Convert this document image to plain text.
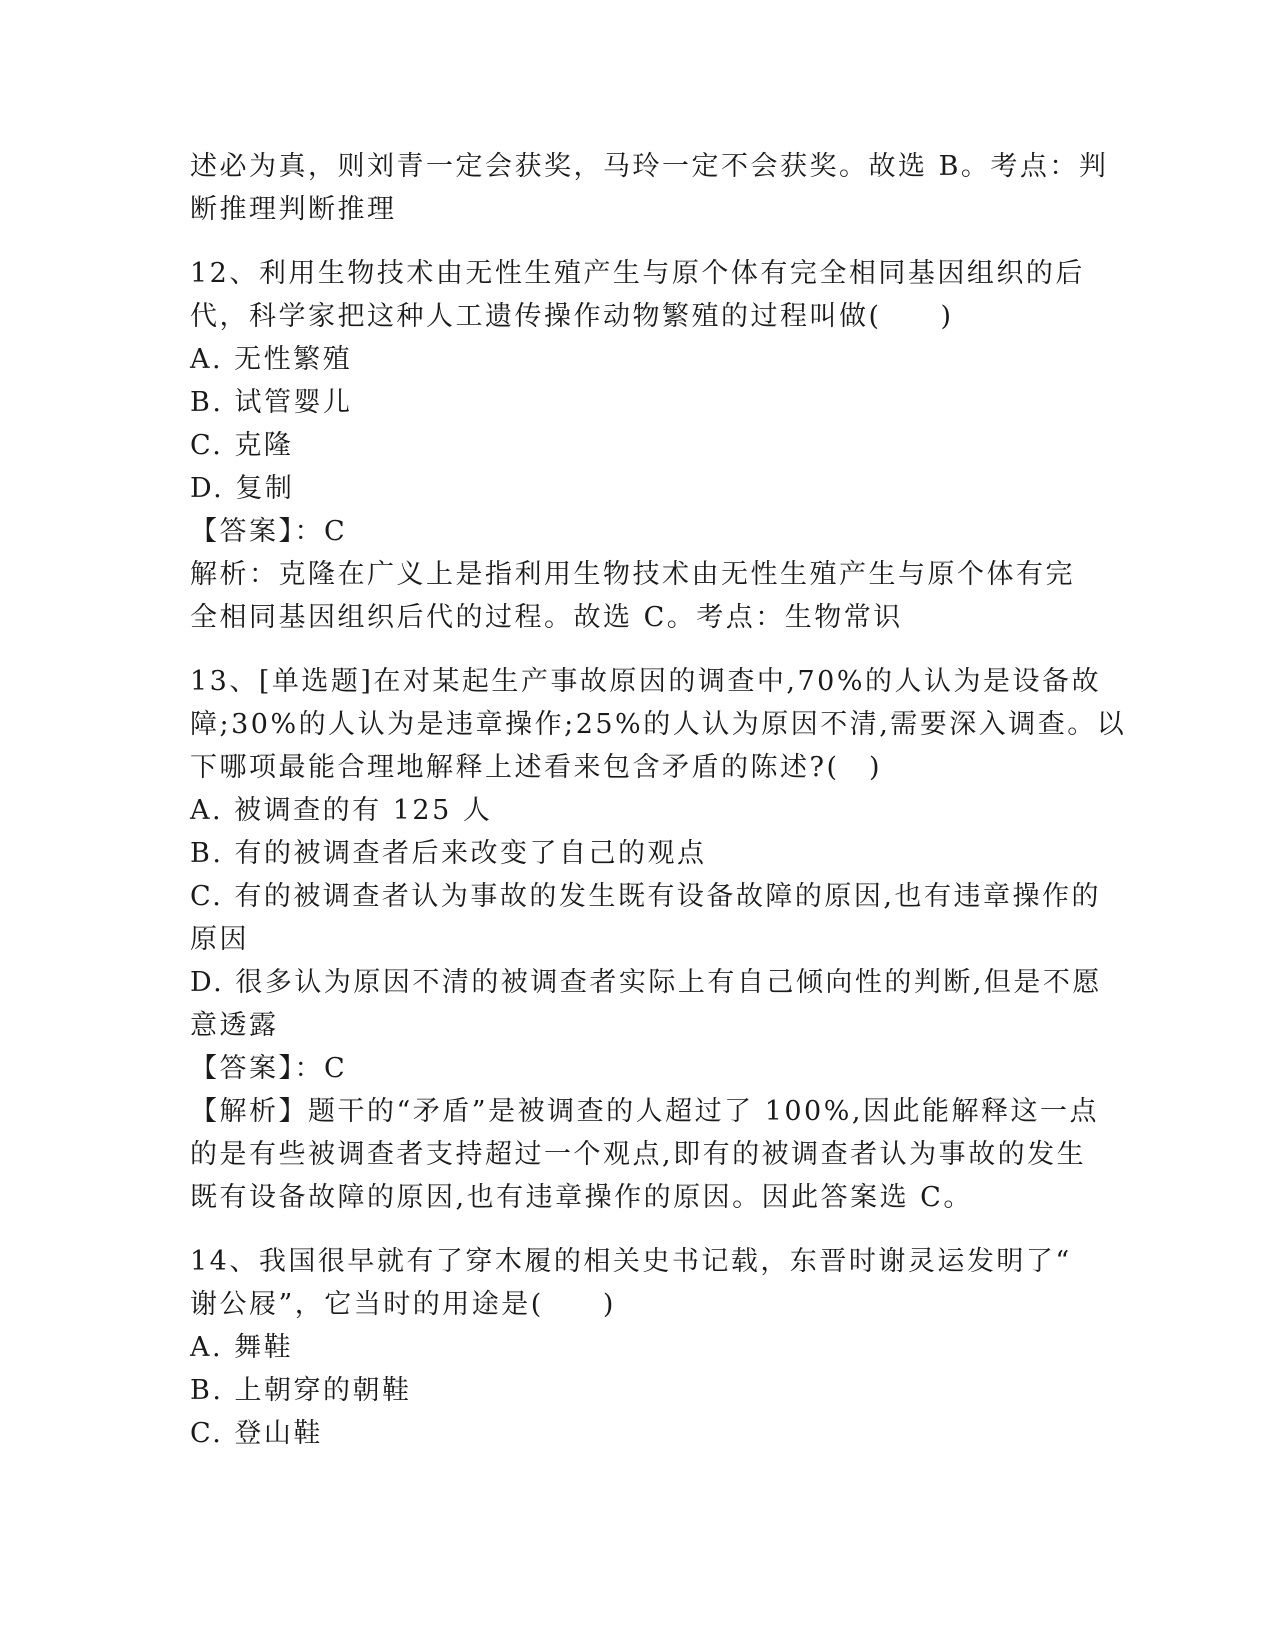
述必为真，则刘青一定会获奖，马玲一定不会获奖。故选 B。考点：判
断推理判断推理
12、利用生物技术由无性生殖产生与原个体有完全相同基因组织的后
代，科学家把这种人工遗传操作动物繁殖的过程叫做(　　)
A. 无性繁殖
B. 试管婴儿
C. 克隆
D. 复制
【答案】：C
解析：克隆在广义上是指利用生物技术由无性生殖产生与原个体有完
全相同基因组织后代的过程。故选 C。考点：生物常识
13、[单选题]在对某起生产事故原因的调查中,70%的人认为是设备故
障;30%的人认为是违章操作;25%的人认为原因不清,需要深入调查。以
下哪项最能合理地解释上述看来包含矛盾的陈述?(　)
A. 被调查的有 125 人
B. 有的被调查者后来改变了自己的观点
C. 有的被调查者认为事故的发生既有设备故障的原因,也有违章操作的
原因
D. 很多认为原因不清的被调查者实际上有自己倾向性的判断,但是不愿
意透露
【答案】：C
【解析】题干的“矛盾”是被调查的人超过了 100%,因此能解释这一点
的是有些被调查者支持超过一个观点,即有的被调查者认为事故的发生
既有设备故障的原因,也有违章操作的原因。因此答案选 C。
14、我国很早就有了穿木履的相关史书记载，东晋时谢灵运发明了“
谢公屐”，它当时的用途是(　　)
A. 舞鞋
B. 上朝穿的朝鞋
C. 登山鞋
